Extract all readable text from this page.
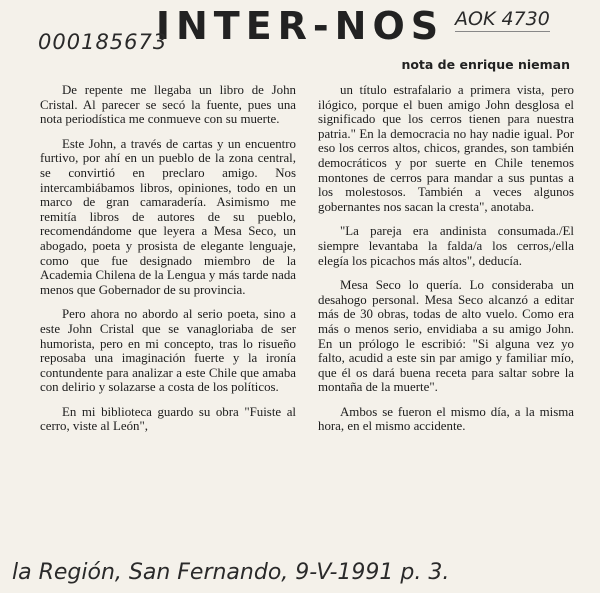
INTER-NOS
000185673
AOK 4730
nota de enrique nieman

De repente me llegaba un libro de John Cristal. Al parecer se secó la fuente, pues una nota periodística me conmueve con su muerte.

Este John, a través de cartas y un encuentro furtivo, por ahí en un pueblo de la zona central, se convirtió en preclaro amigo. Nos intercambiábamos libros, opiniones, todo en un marco de gran camaradería. Asimismo me remitía libros de autores de su pueblo, recomendándome que leyera a Mesa Seco, un abogado, poeta y prosista de elegante lenguaje, como que fue designado miembro de la Academia Chilena de la Lengua y más tarde nada menos que Gobernador de su provincia.

Pero ahora no abordo al serio poeta, sino a este John Cristal que se vanagloriaba de ser humorista, pero en mi concepto, tras lo risueño reposaba una imaginación fuerte y la ironía contundente para analizar a este Chile que amaba con delirio y solazarse a costa de los políticos.

En mi biblioteca guardo su obra "Fuiste al cerro, viste al León",

un título estrafalario a primera vista, pero ilógico, porque el buen amigo John desglosa el significado que los cerros tienen para nuestra patria." En la democracia no hay nadie igual. Por eso los cerros altos, chicos, grandes, son también democráticos y por suerte en Chile tenemos montones de cerros para mandar a sus puntas a los molestosos. También a veces algunos gobernantes nos sacan la cresta", anotaba.

"La pareja era andinista consumada./El siempre levantaba la falda/a los cerros,/ella elegía los picachos más altos", deducía.

Mesa Seco lo quería. Lo consideraba un desahogo personal. Mesa Seco alcanzó a editar más de 30 obras, todas de alto vuelo. Como era más o menos serio, envidiaba a su amigo John. En un prólogo le escribió: "Si alguna vez yo falto, acudid a este sin par amigo y familiar mío, que él os dará buena receta para saltar sobre la montaña de la muerte".

Ambos se fueron el mismo día, a la misma hora, en el mismo accidente.

la Región, San Fernando, 9-V-1991 p. 3.
